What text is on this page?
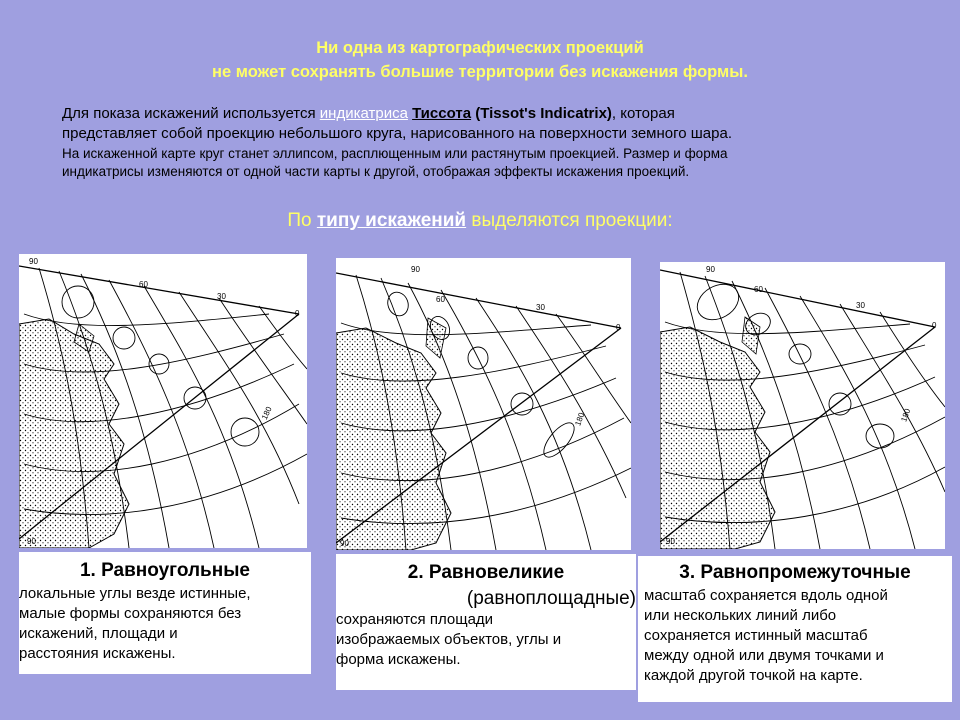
Ни одна из картографических проекций
не может сохранять большие территории без искажения формы.
Для показа искажений используется индикатриса Тиссота (Tissot's Indicatrix), которая
представляет собой проекцию небольшого круга, нарисованного на поверхности земного шара.
На искаженной карте круг станет эллипсом, расплющенным или растянутым проекцией. Размер и форма
индикатрисы изменяются от одной части карты к другой, отображая эффекты искажения проекций.
По типу искажений выделяются проекции:
90
60
30
0
180
90
90
60
30
0
180
90
90
60
30
0
180
90
1. Равноугольные
локальные углы везде истинные,
малые формы сохраняются без
искажений, площади и
расстояния искажены.
2. Равновеликие
(равноплощадные)
сохраняются площади
изображаемых объектов, углы и
форма искажены.
3. Равнопромежуточные
масштаб сохраняется вдоль одной
или нескольких линий либо
сохраняется истинный масштаб
между одной или двумя точками и
каждой другой точкой на карте.
